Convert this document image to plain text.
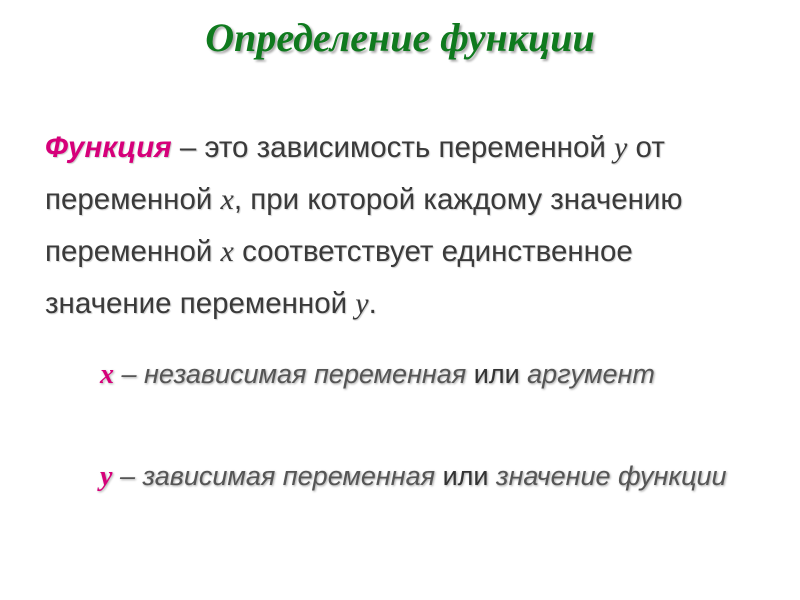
Определение функции

Функция – это зависимость переменной y от переменной x, при которой каждому значению переменной x соответствует единственное значение переменной y.

x – независимая переменная или аргумент

y – зависимая переменная или значение функции
